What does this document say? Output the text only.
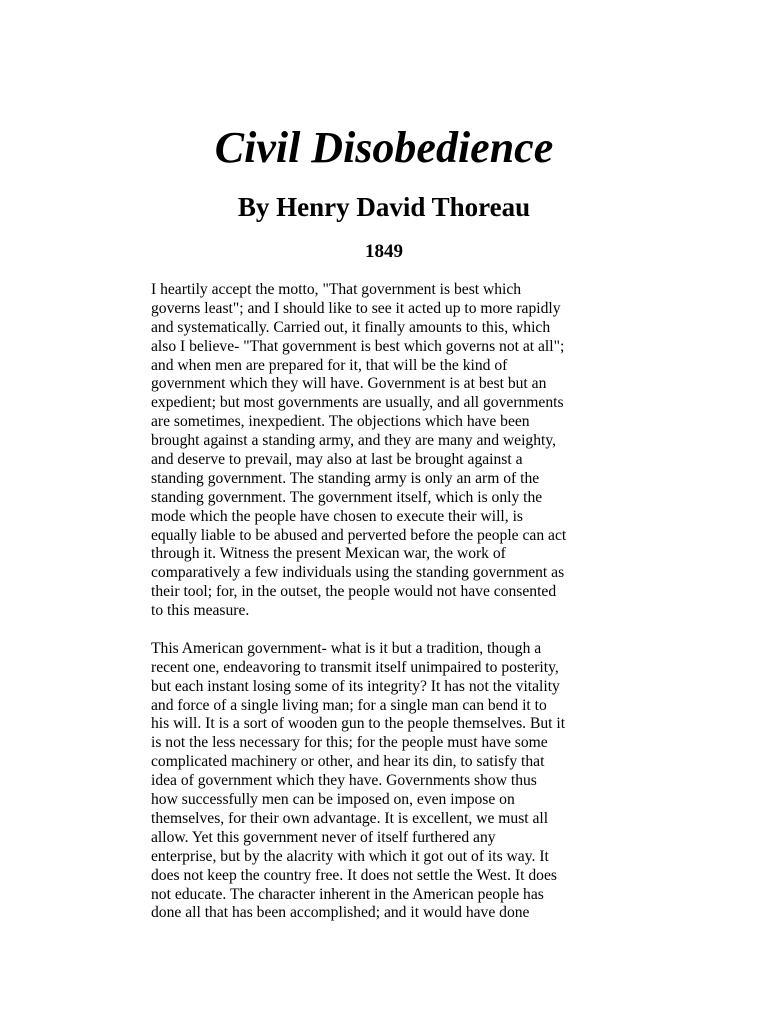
Civil Disobedience
By Henry David Thoreau
1849

I heartily accept the motto, "That government is best which
governs least"; and I should like to see it acted up to more rapidly
and systematically. Carried out, it finally amounts to this, which
also I believe- "That government is best which governs not at all";
and when men are prepared for it, that will be the kind of
government which they will have. Government is at best but an
expedient; but most governments are usually, and all governments
are sometimes, inexpedient. The objections which have been
brought against a standing army, and they are many and weighty,
and deserve to prevail, may also at last be brought against a
standing government. The standing army is only an arm of the
standing government. The government itself, which is only the
mode which the people have chosen to execute their will, is
equally liable to be abused and perverted before the people can act
through it. Witness the present Mexican war, the work of
comparatively a few individuals using the standing government as
their tool; for, in the outset, the people would not have consented
to this measure.

This American government- what is it but a tradition, though a
recent one, endeavoring to transmit itself unimpaired to posterity,
but each instant losing some of its integrity? It has not the vitality
and force of a single living man; for a single man can bend it to
his will. It is a sort of wooden gun to the people themselves. But it
is not the less necessary for this; for the people must have some
complicated machinery or other, and hear its din, to satisfy that
idea of government which they have. Governments show thus
how successfully men can be imposed on, even impose on
themselves, for their own advantage. It is excellent, we must all
allow. Yet this government never of itself furthered any
enterprise, but by the alacrity with which it got out of its way. It
does not keep the country free. It does not settle the West. It does
not educate. The character inherent in the American people has
done all that has been accomplished; and it would have done
